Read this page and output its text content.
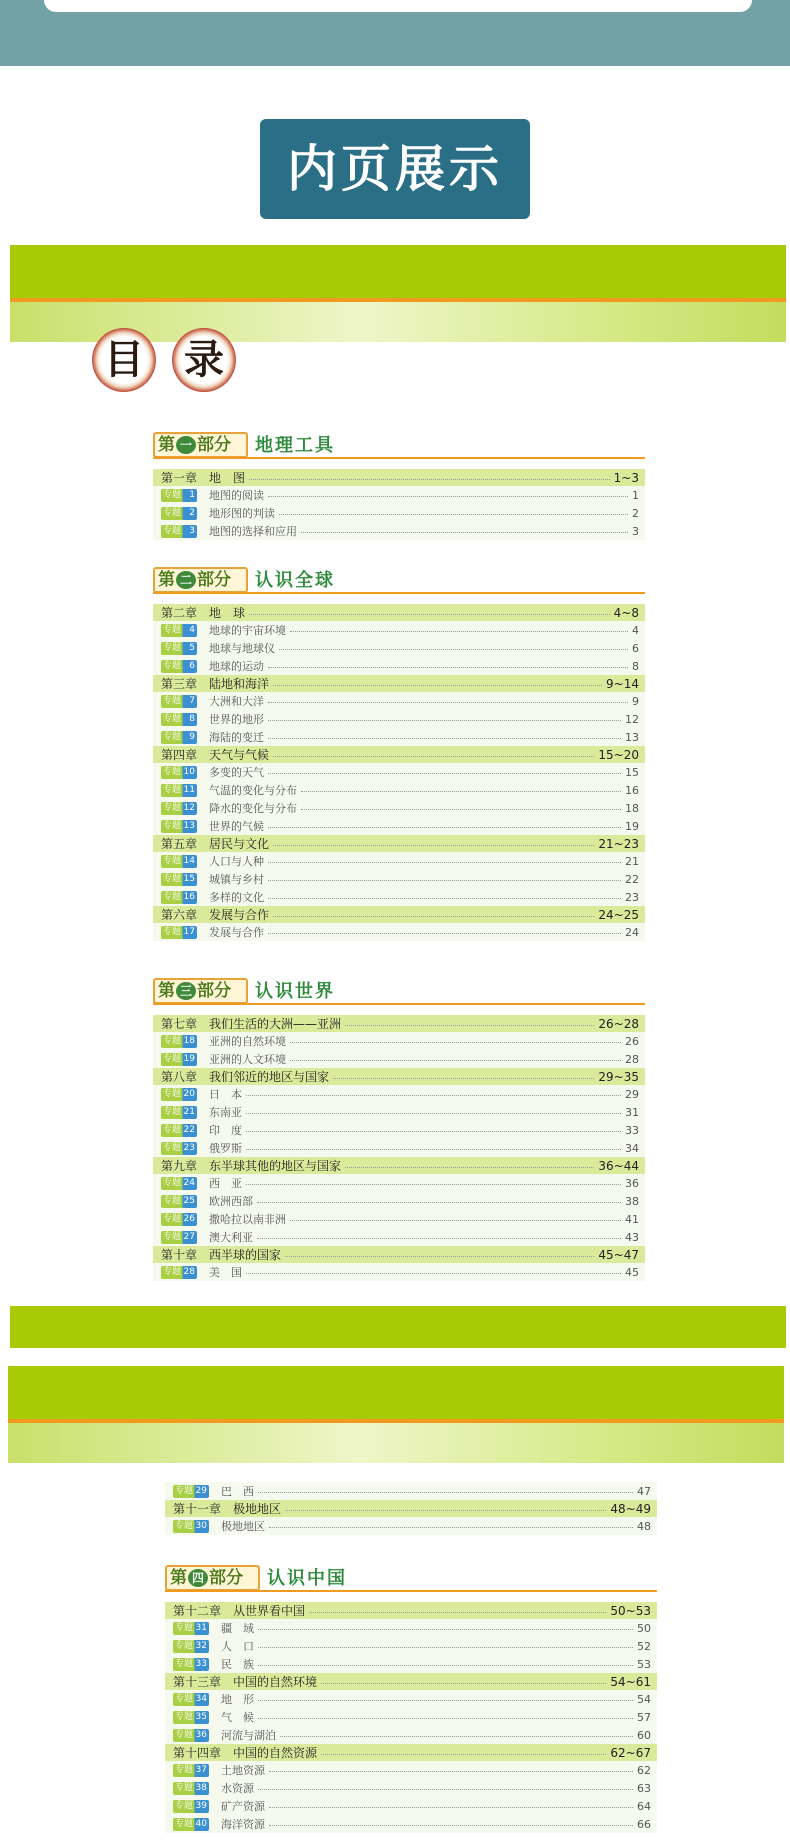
内页展示
目	录
第 一 部分	地理工具
第一章　地　图	1~3
专题 1	地图的阅读	1
专题 2	地形图的判读	2
专题 3	地图的选择和应用	3
第 二 部分	认识全球
第二章　地　球	4~8
专题 4	地球的宇宙环境	4
专题 5	地球与地球仪	6
专题 6	地球的运动	8
第三章　陆地和海洋	9~14
专题 7	大洲和大洋	9
专题 8	世界的地形	12
专题 9	海陆的变迁	13
第四章　天气与气候	15~20
专题 10	多变的天气	15
专题 11	气温的变化与分布	16
专题 12	降水的变化与分布	18
专题 13	世界的气候	19
第五章　居民与文化	21~23
专题 14	人口与人种	21
专题 15	城镇与乡村	22
专题 16	多样的文化	23
第六章　发展与合作	24~25
专题 17	发展与合作	24
第 三 部分	认识世界
第七章　我们生活的大洲——亚洲	26~28
专题 18	亚洲的自然环境	26
专题 19	亚洲的人文环境	28
第八章　我们邻近的地区与国家	29~35
专题 20	日　本	29
专题 21	东南亚	31
专题 22	印　度	33
专题 23	俄罗斯	34
第九章　东半球其他的地区与国家	36~44
专题 24	西　亚	36
专题 25	欧洲西部	38
专题 26	撒哈拉以南非洲	41
专题 27	澳大利亚	43
第十章　西半球的国家	45~47
专题 28	美　国	45
专题 29	巴　西	47
第十一章　极地地区	48~49
专题 30	极地地区	48
第 四 部分	认识中国
第十二章　从世界看中国	50~53
专题 31	疆　域	50
专题 32	人　口	52
专题 33	民　族	53
第十三章　中国的自然环境	54~61
专题 34	地　形	54
专题 35	气　候	57
专题 36	河流与湖泊	60
第十四章　中国的自然资源	62~67
专题 37	土地资源	62
专题 38	水资源	63
专题 39	矿产资源	64
专题 40	海洋资源	66
